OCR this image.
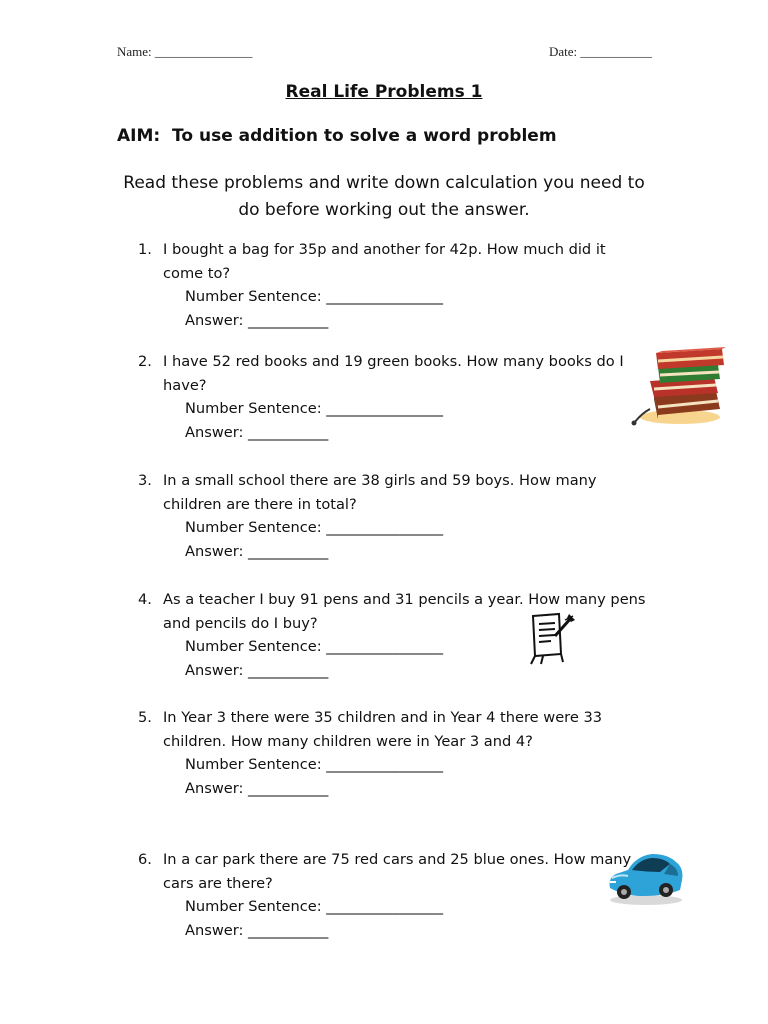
Name: _______________	Date: ___________
Real Life Problems 1
AIM:  To use addition to solve a word problem
Read these problems and write down calculation you need to do before working out the answer.
1. I bought a bag for 35p and another for 42p. How much did it come to?
Number Sentence: ________________
Answer: ___________
2. I have 52 red books and 19 green books. How many books do I have?
Number Sentence: ________________
Answer: ___________
3. In a small school there are 38 girls and 59 boys. How many children are there in total?
Number Sentence: ________________
Answer: ___________
4. As a teacher I buy 91 pens and 31 pencils a year. How many pens and pencils do I buy?
Number Sentence: ________________
Answer: ___________
5. In Year 3 there were 35 children and in Year 4 there were 33 children. How many children were in Year 3 and 4?
Number Sentence: ________________
Answer: ___________
6. In a car park there are 75 red cars and 25 blue ones. How many cars are there?
Number Sentence: ________________
Answer: ___________
